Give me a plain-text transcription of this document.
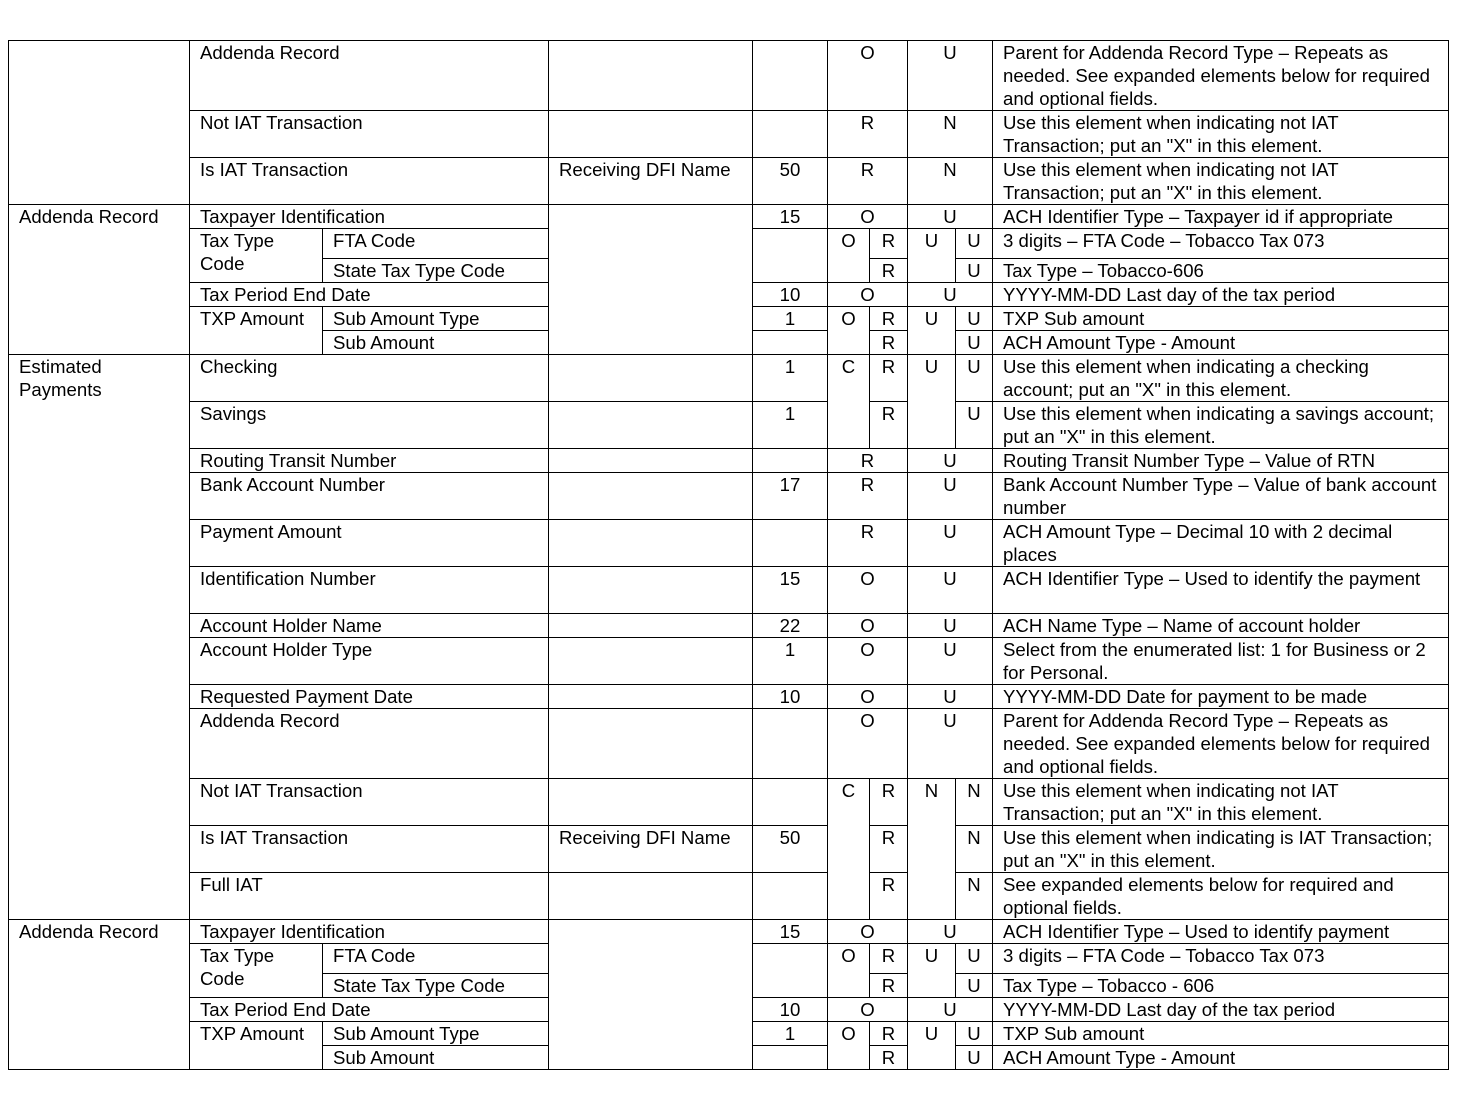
	Addenda Record				O		U		Parent for Addenda Record Type – Repeats as needed. See expanded elements below for required and optional fields.
	Not IAT Transaction				R		N		Use this element when indicating not IAT Transaction; put an "X" in this element.
	Is IAT Transaction		Receiving DFI Name	50	R		N		Use this element when indicating not IAT Transaction; put an "X" in this element.
Addenda Record	Taxpayer Identification			15	O		U		ACH Identifier Type – Taxpayer id if appropriate
	Tax Type Code	FTA Code			O	R	U	U	3 digits – FTA Code – Tobacco Tax 073
		State Tax Type Code				R		U	Tax Type – Tobacco-606
	Tax Period End Date			10	O		U		YYYY-MM-DD Last day of the tax period
	TXP Amount	Sub Amount Type		1	O	R	U	U	TXP Sub amount
		Sub Amount				R		U	ACH Amount Type - Amount
Estimated Payments	Checking			1	C	R	U	U	Use this element when indicating a checking account; put an "X" in this element.
	Savings			1		R		U	Use this element when indicating a savings account; put an "X" in this element.
	Routing Transit Number				R		U		Routing Transit Number Type – Value of RTN
	Bank Account Number			17	R		U		Bank Account Number Type – Value of bank account number
	Payment Amount				R		U		ACH Amount Type – Decimal 10 with 2 decimal places
	Identification Number			15	O		U		ACH Identifier Type – Used to identify the payment
	Account Holder Name			22	O		U		ACH Name Type – Name of account holder
	Account Holder Type			1	O		U		Select from the enumerated list: 1 for Business or 2 for Personal.
	Requested Payment Date			10	O		U		YYYY-MM-DD Date for payment to be made
	Addenda Record				O		U		Parent for Addenda Record Type – Repeats as needed. See expanded elements below for required and optional fields.
	Not IAT Transaction				C	R	N	N	Use this element when indicating not IAT Transaction; put an "X" in this element.
	Is IAT Transaction		Receiving DFI Name	50		R		N	Use this element when indicating is IAT Transaction; put an "X" in this element.
	Full IAT					R		N	See expanded elements below for required and optional fields.
Addenda Record	Taxpayer Identification			15	O		U		ACH Identifier Type – Used to identify payment
	Tax Type Code	FTA Code			O	R	U	U	3 digits – FTA Code – Tobacco Tax 073
		State Tax Type Code				R		U	Tax Type – Tobacco - 606
	Tax Period End Date			10	O		U		YYYY-MM-DD Last day of the tax period
	TXP Amount	Sub Amount Type		1	O	R	U	U	TXP Sub amount
		Sub Amount				R		U	ACH Amount Type - Amount
